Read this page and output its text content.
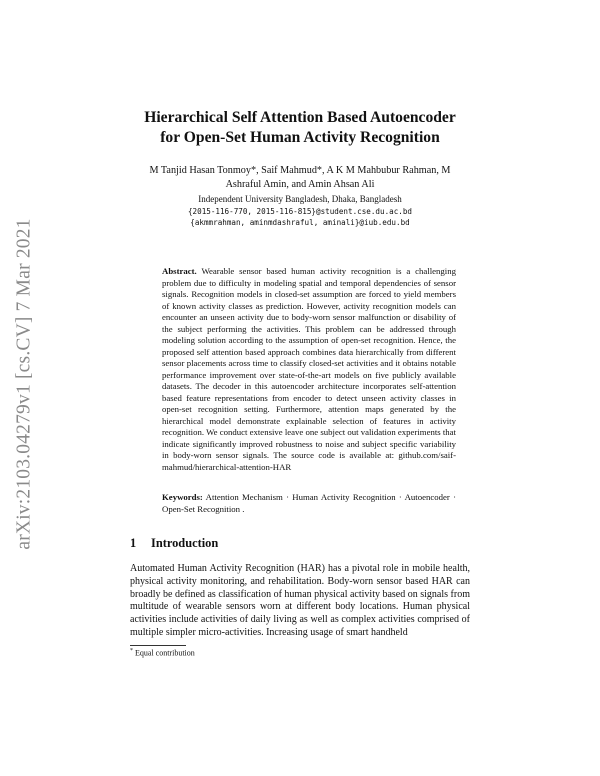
arXiv:2103.04279v1 [cs.CV] 7 Mar 2021
Hierarchical Self Attention Based Autoencoder
for Open-Set Human Activity Recognition
M Tanjid Hasan Tonmoy*, Saif Mahmud*, A K M Mahbubur Rahman, M
Ashraful Amin, and Amin Ahsan Ali
Independent University Bangladesh, Dhaka, Bangladesh
{2015-116-770, 2015-116-815}@student.cse.du.ac.bd
{akmmrahman, aminmdashraful, aminali}@iub.edu.bd
Abstract. Wearable sensor based human activity recognition is a challenging problem due to difficulty in modeling spatial and temporal dependencies of sensor signals. Recognition models in closed-set assumption are forced to yield members of known activity classes as prediction. However, activity recognition models can encounter an unseen activity due to body-worn sensor malfunction or disability of the subject performing the activities. This problem can be addressed through modeling solution according to the assumption of open-set recognition. Hence, the proposed self attention based approach combines data hierarchically from different sensor placements across time to classify closed-set activities and it obtains notable performance improvement over state-of-the-art models on five publicly available datasets. The decoder in this autoencoder architecture incorporates self-attention based feature representations from encoder to detect unseen activity classes in open-set recognition setting. Furthermore, attention maps generated by the hierarchical model demonstrate explainable selection of features in activity recognition. We conduct extensive leave one subject out validation experiments that indicate significantly improved robustness to noise and subject specific variability in body-worn sensor signals. The source code is available at: github.com/saif-mahmud/hierarchical-attention-HAR
Keywords: Attention Mechanism · Human Activity Recognition · Autoencoder · Open-Set Recognition .
1 Introduction
Automated Human Activity Recognition (HAR) has a pivotal role in mobile health, physical activity monitoring, and rehabilitation. Body-worn sensor based HAR can broadly be defined as classification of human physical activity based on signals from multitude of wearable sensors worn at different body locations. Human physical activities include activities of daily living as well as complex activities comprised of multiple simpler micro-activities. Increasing usage of smart handheld
* Equal contribution
